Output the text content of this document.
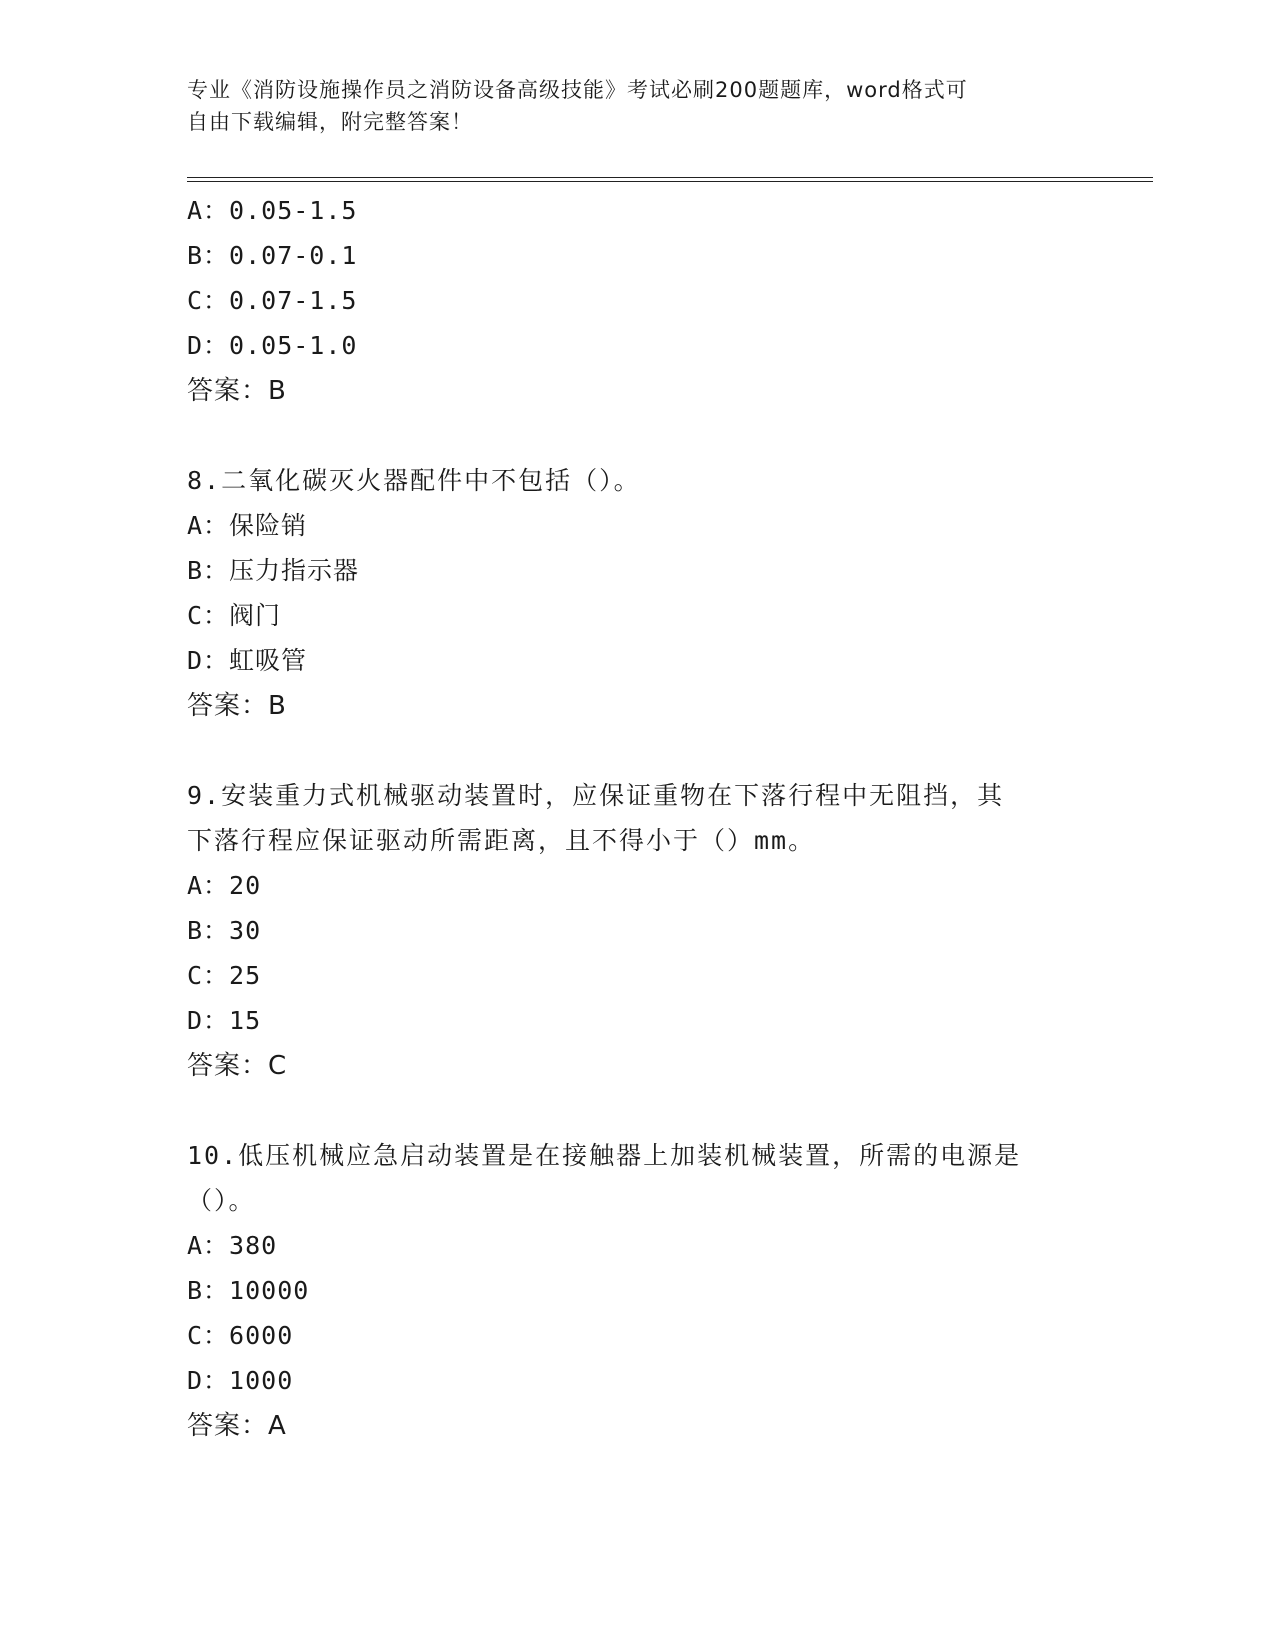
专业《消防设施操作员之消防设备高级技能》考试必刷200题题库，word格式可
自由下载编辑，附完整答案！
A：0.05-1.5
B：0.07-0.1
C：0.07-1.5
D：0.05-1.0
答案：B
8.二氧化碳灭火器配件中不包括（）。
A：保险销
B：压力指示器
C：阀门
D：虹吸管
答案：B
9.安装重力式机械驱动装置时，应保证重物在下落行程中无阻挡，其
下落行程应保证驱动所需距离，且不得小于（）mm。
A：20
B：30
C：25
D：15
答案：C
10.低压机械应急启动装置是在接触器上加装机械装置，所需的电源是
（）。
A：380
B：10000
C：6000
D：1000
答案：A
